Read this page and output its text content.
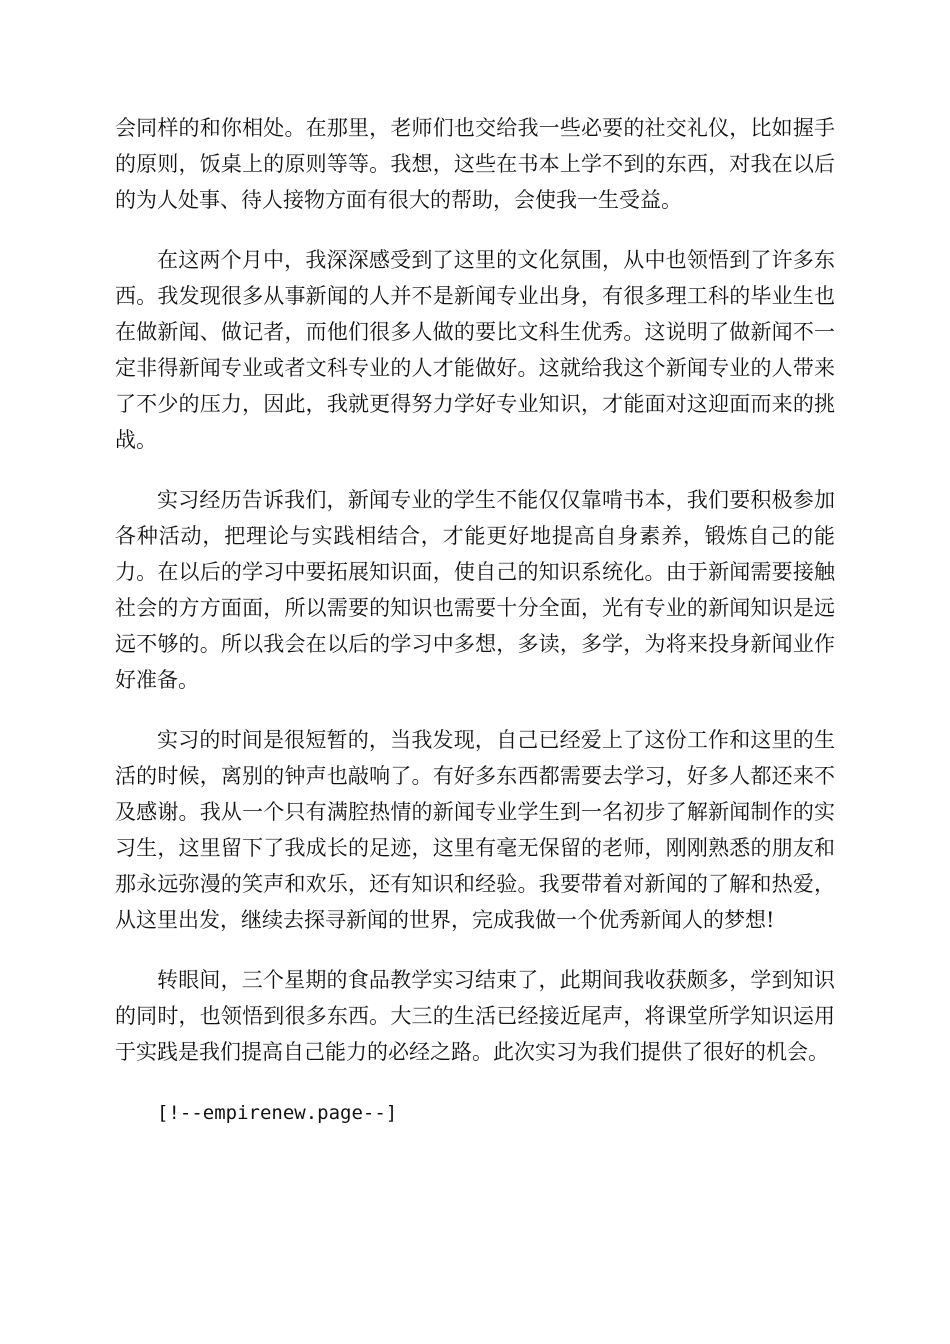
会同样的和你相处。在那里，老师们也交给我一些必要的社交礼仪，比如握手的原则，饭桌上的原则等等。我想，这些在书本上学不到的东西，对我在以后的为人处事、待人接物方面有很大的帮助，会使我一生受益。

在这两个月中，我深深感受到了这里的文化氛围，从中也领悟到了许多东西。我发现很多从事新闻的人并不是新闻专业出身，有很多理工科的毕业生也在做新闻、做记者，而他们很多人做的要比文科生优秀。这说明了做新闻不一定非得新闻专业或者文科专业的人才能做好。这就给我这个新闻专业的人带来了不少的压力，因此，我就更得努力学好专业知识，才能面对这迎面而来的挑战。

实习经历告诉我们，新闻专业的学生不能仅仅靠啃书本，我们要积极参加各种活动，把理论与实践相结合，才能更好地提高自身素养，锻炼自己的能力。在以后的学习中要拓展知识面，使自己的知识系统化。由于新闻需要接触社会的方方面面，所以需要的知识也需要十分全面，光有专业的新闻知识是远远不够的。所以我会在以后的学习中多想，多读，多学，为将来投身新闻业作好准备。

实习的时间是很短暂的，当我发现，自己已经爱上了这份工作和这里的生活的时候，离别的钟声也敲响了。有好多东西都需要去学习，好多人都还来不及感谢。我从一个只有满腔热情的新闻专业学生到一名初步了解新闻制作的实习生，这里留下了我成长的足迹，这里有毫无保留的老师，刚刚熟悉的朋友和那永远弥漫的笑声和欢乐，还有知识和经验。我要带着对新闻的了解和热爱，从这里出发，继续去探寻新闻的世界，完成我做一个优秀新闻人的梦想!

转眼间，三个星期的食品教学实习结束了，此期间我收获颇多，学到知识的同时，也领悟到很多东西。大三的生活已经接近尾声，将课堂所学知识运用于实践是我们提高自己能力的必经之路。此次实习为我们提供了很好的机会。

[!--empirenew.page--]
